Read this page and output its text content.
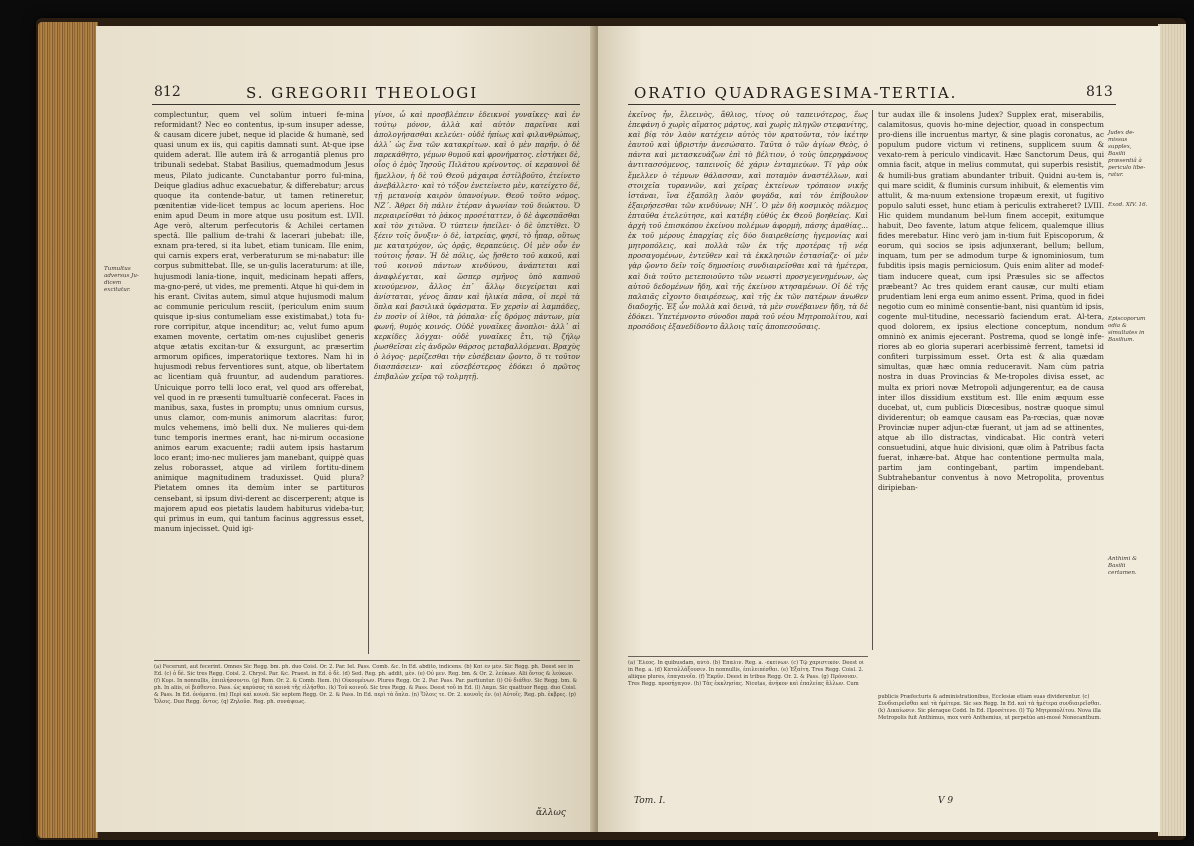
812	S. GREGORII THEOLOGI
complectuntur, quem vel solùm intueri fe-mina reformidant? Nec eo contentus, ip-sum insuper adesse, & causam dicere jubet, neque id placide & humanè, sed quasi unum ex iis, qui capitis damnati sunt. At-que ipse quidem aderat. Ille autem irâ & arrogantiâ plenus pro tribunali sedebat. Stabat Basilius, quemadmodum Jesus meus, Pilato judicante. Cunctabantur porro ful-mina, Deique gladius adhuc exacuebatur, & differebatur; arcus quoque ita contende-batur, ut tamen retineretur, pœnitentiæ vide-licet tempus ac locum aperiens. Hoc enim apud Deum in more atque usu positum est. LVII. Age verò, alterum perfecutoris & Achilei certamen spectâ. Ille pallium de-trahi & lacerari jubebat: ille, exnam pra-tered, si ita lubet, etiam tunicam. Ille enim, qui carnis expers erat, verberaturum se mi-nabatur: ille corpus submittebat. Ille, se un-gulis laceraturum: at ille, hujusmodi lania-tione, inquit, medicinam hepati affers, ma-gno-peré, ut vides, me prementi. Atque hi qui-dem in his erant. Civitas autem, simul atque hujusmodi malum ac communie periculum resciit, (periculum enim suum quisque ip-sius contumeliam esse existimabat,) tota fu-rore corripitur, atque incenditur; ac, velut fumo apum examen movente, certatim om-nes cujuslibet generis atque ætatis excitan-tur & exsurgunt, ac præsertim armorum opifices, imperatoriique textores. Nam hi in hujusmodi rebus ferventiores sunt, atque, ob libertatem ac licentiam quâ fruuntur, ad audendum paratiores. Unicuique porro telli loco erat, vel quod ars offerebat, vel quod in re præsenti tumultuariè confecerat. Faces in manibus, saxa, fustes in promptu; unus omnium cursus, unus clamor, com-munis animorum alacritas: furor, mulcs vehemens, imò belli dux. Ne mulieres qui-dem tunc temporis inermes erant, hac ni-mirum occasione animos earum exacuente; radii autem ipsis hastarum loco erant; imo-nec mulieres jam manebant, quippè quas zelus roborasset, atque ad virilem fortitu-dinem animique magnitudinem traduxisset. Quid plura? Pietatem omnes ita demùm inter se partituros censebant, si ipsum divi-derent ac discerperent; atque is majorem apud eos pietatis laudem habiturus videba-tur, qui primus in eum, qui tantum facinus aggressus esset, manum injecisset. Quid igi-
γίνοι, ὧ καὶ προσβλέπειν ἐδεικνοί γυναῖκες· καὶ ἐν τούτῳ μόνον, ἀλλὰ καὶ αὐτὸν παρεῖναι καὶ ἀπολογήσασθαι κελεύει· οὐδὲ ἠπίως καὶ φιλανθρώπως, ἀλλ᾽ ὡς ἕνα τῶν κατακρίτων. καὶ ὁ μὲν παρῆν. ὁ δὲ παρεκάθητο, γέμων θυμοῦ καὶ φρονήματος. εἱστήκει δὲ, οἷος ὁ ἐμὸς Ἰησοῦς Πιλάτου κρίνοντος. οἱ κεραυνοὶ δὲ ἤμελλον, ἡ δὲ τοῦ Θεοῦ μάχαιρα ἐστίλβοῦτο, ἐτείνετο ἀνεβάλλετο· καὶ τὸ τόξον ἐνετείνετο μὲν, κατείχετο δέ, τῇ μετανοίᾳ καιρὸν ὑπανοίγων. Θεοῦ τοῦτο νόμος. ΝΖ΄. Ἀθρει δὴ πάλιν ἑτέραν ἀγωνίαν τοῦ διώκτου. Ὁ περιαιρεῖσθαι τὸ ῥάκος προσέταττεν, ὁ δὲ ἀφεσπᾶσθαι καὶ τὸν χιτῶνα. Ὁ τύπτειν ἠπείλει· ὁ δὲ ὑπετίθει. Ὁ ξέειν τοῖς ὄνυξιν· ὁ δὲ, ἰατρείας, φησί, τὸ ἧπαρ, οὕτως με κατατρύχον, ὡς ὁρᾷς, θεραπεύεις. Οἱ μὲν οὖν ἐν τούτοις ἦσαν. Ἡ δὲ πόλις, ὡς ᾔσθετο τοῦ κακοῦ, καὶ τοῦ κοινοῦ πάντων κινδύνου, ἀνάπτεται καὶ ἀναφλέγεται, καὶ ὥσπερ σμῆνος ὑπὸ καπνοῦ κινούμενον, ἄλλος ἐπ᾽ ἄλλῳ διεγείρεται καὶ ἀνίσταται, γένος ἅπαν καὶ ἡλικία πᾶσα, οἱ περὶ τὰ ὅπλα καὶ βασιλικὰ ὑφάσματα. Ἐν χερσὶν αἱ λαμπάδες, ἐν ποσὶν οἱ λίθοι, τὰ ῥόπαλα· εἷς δρόμος πάντων, μία φωνή, θυμὸς κοινός. Οὐδὲ γυναῖκες ἄνοπλοι· ἀλλ᾽ αἱ κερκίδες λόγχαι· οὐδὲ γυναῖκες ἔτι, τῷ ζήλῳ ῥωσθεῖσαι εἰς ἀνδρῶν θάρσος μεταβαλλόμεναι. Βραχὺς ὁ λόγος· μερίζεσθαι τὴν εὐσέβειαν ᾤοντο, ὃ τι τοῦτον διασπάσειεν· καὶ εὐσεβέστερος ἐδόκει ὁ πρῶτος ἐπιβαλὼν χεῖρα τῷ τολμητῇ.
Tumultus adversus Ju-dicem excitatur.
(a) Fecerunt, aut fecerint. Omnes Sic Regg. bm. ph. duo Coisl. Or. 2. Par. Iel. Pass. Comb. &c. In Ed. abdito, indicens. (b) Καὶ ἐν μὲν. Sic Regg. ph. Deest sec in Ed. (c) ὁ δὲ. Sic tres Regg. Coisl. 2. Chrysl. Par. &c. Praest. in Ed. ὁ δὲ. (d) Sed. Reg. ph. addit, μὲν. (e) Oὐ μεν. Reg. bm. & Or. 2. λεύκων. Alii ὄντος & λεύκων. (f) Κυρι. In nonnullis, ἐπιπλήσσοντο. (g) Rom. Or. 2. & Comb. Item. (h) Οἰκουμένων. Plures Regg. Or. 2. Par. Pass. Par. partiuntur. (i) Οὐ διάθεν. Sic Regg. bm. & ph. In aliis, οἱ βιάθεντο. Pass. ὡς καρύσας τὰ κοινὰ τῆς εἰλήσθαι. (k) Τοῦ κοινοῦ. Sic tres Regg. & Pass. Deest τοῦ in Ed. (l) Λαμπ. Sic quattuor Regg. duo Coisl. & Pass. In Ed. ὀνόματα. (m) Περὶ καὶ κοινὰ. Sic septem Regg. Or. 2. & Pass. In Ed. περὶ τὰ ὅπλα. (n) Ὅλοις τε. Or. 2. κοινοῖς ἐν. (o) Αὐτοῖς. Reg. ph. ἐκβρες. (p) Ὄλοις. Duo Regg. ὄντος. (q) Ζηλοῦσ. Reg. ph. συνάψεως.
ἄλλως
ORATIO QUADRAGESIMA-TERTIA.	813
ἐκεῖνος ἦν, ἔλεεινὸς, ἄθλιος, τίνος οὐ ταπεινότερος, ἕως ἐπεφάνη ὁ χωρὶς αἵματος μάρτυς, καὶ χωρὶς πληγῶν στεφανίτης, καὶ βίᾳ τὸν λαὸν κατέχειν αὐτὸς τὸν κρατοῦντα, τὸν ἱκέτην ἑαυτοῦ καὶ ὑβριστὴν ἀνεσώσατο. Ταῦτα ὁ τῶν ἁγίων Θεὸς, ὁ πάντα καὶ μετασκευάζων ἐπὶ τὸ βέλτιον, ὁ τοὺς ὑπερηφάνους ἀντιτασσόμενος, ταπεινοῖς δὲ χάριν ἐνταμιεύων. Τί γὰρ οὐκ ἔμελλεν ὁ τέμνων θάλασσαν, καὶ ποταμὸν ἀναστέλλων, καὶ στοιχεῖα τυραννῶν, καὶ χεῖρας ἐκτείνων τρόπαιον νικῆς ἱστάναι, ἵνα ἐξαπόλῃ λαὸν φυγάδα, καὶ τὸν ἐπίβουλον ἐξαιρήσεσθαι τῶν κινδύνων; ΝΗ΄. Ὁ μὲν δὴ κοσμικὸς πόλεμος ἐπταῦθα ἐτελεύτησε, καὶ κατέβη εὐθύς ἐκ Θεοῦ βοηθείας. Καὶ ἀρχὴ τοῦ ἐπισκόπου ἐκείνου πολέμων ἀφορμὴ, πάσης ἀμαθίας... ἐκ τοῦ μέρους ἐπαρχίας εἰς δύο διαιρεθείσης ἡγεμονίας καὶ μητροπόλεις, καὶ πολλὰ τῶν ἐκ τῆς προτέρας τῇ νέᾳ προσαγομένων, ἐντεῦθεν καὶ τὰ ἐκκλησιῶν ἐστασίαζε· οἱ μὲν γὰρ ᾤοντο δεῖν τοῖς δημοσίοις συνδιαιρεῖσθαι καὶ τὰ ἡμέτερα, καὶ διὰ τοῦτο μετεποιοῦντο τῶν νεωστὶ προσγεγενημένων, ὡς αὐτοῦ δεδομένων ἤδη, καὶ τῆς ἐκείνου κτησαμένων. Οἱ δὲ τῆς παλαιᾶς εἴχοντο διαιρέσεως, καὶ τῆς ἐκ τῶν πατέρων ἀνωθεν διαδοχῆς. Ἐξ ὧν πολλὰ καὶ δεινὰ, τὰ μὲν συνέβαινεν ἤδη, τὰ δὲ ἐδόκει. Ὑπετέμνοντο σύνοδοι παρὰ τοῦ νέου Μητροπολίτου, καὶ προσόδοις ἐξανεδίδοντο ἄλλοις ταῖς ἀποπεσοῦσαις.
tur audax ille & insolens Judex? Supplex erat, miserabilis, calamitosus, quovis ho-mine dejectior, quoad in conspectum pro-diens ille incruentus martyr, & sine plagis coronatus, ac populum pudore victum vi retinens, supplicem suum & vexato-rem à periculo vindicavit. Hæc Sanctorum Deus, qui omnia facit, atque in melius commutat, qui superbis resistit, & humili-bus gratiam abundanter tribuit. Quidni au-tem is, qui mare scidit, & fluminis cursum inhibuit, & elementis vim attulit, & ma-nuum extensione tropæum erexit, ut fugitivo populo saluti esset, hunc etiam à periculis extraheret? LVIII. Hic quidem mundanum bel-lum finem accepit, exitumque habuit, Deo favente, latum atque felicem, qualemque illius fides merebatur. Hinc verò jam in-tium fuit Episcoporum, & eorum, qui socios se ipsis adjunxerant, bellum; bellum, inquam, tum per se admodum turpe & ignominiosum, tum fubditis ipsis magis perniciosum. Quis enim aliter ad modef-tiam inducere queat, cum ipsi Præsules sic se affectos præbeant? Ac tres quidem erant causæ, cur multi etiam prudentiam leni erga eum animo essent. Prima, quod in fidei negotio cum eo minimè consentie-bant, nisi quantùm id ipsis, cogente mul-titudine, necessariò faciendum erat. Al-tera, quod dolorem, ex ipsius electione conceptum, nondum omninò ex animis ejecerant. Postrema, quod se longè infe-riores ab eo gloria superari acerbissimè ferrent, tametsi id confiteri turpissimum esset. Orta est & alia quædam simultas, quæ hæc omnia reduceravit. Nam cùm patria nostra in duas Provincias & Me-tropoles divisa esset, ac multa ex priori novæ Metropoli adjungerentur, ea de causa inter illos dissidium exstitum est. Ille enim æquum esse ducebat, ut, cum publicis Diœcesibus, nostræ quoque simul dividerentur; ob eamque causam eas Pa-rœcias, quæ novæ Provinciæ nuper adjun-ctæ fuerant, ut jam ad se attinentes, atque ab illo distractas, vindicabat. Hic contrà veteri consuetudini, atque huic divisioni, quæ olim à Patribus facta fuerat, inhære-bat. Atque hac contentione permulta mala, partim jam contingebant, partim impendebant. Subtrahebantur conventus à novo Metropolita, proventus diripieban-
Judex de-missus supplex, Basilii præsentiâ à periculo libe-ratur.
Exod. XIV. 16.
Episcoporum odia & simultates in Basilium.
Anthimi & Basilii certamen.
(a) Ἕλεος. In quibusdam, αὐτὸ. (b) Ἐπαλιν. Reg. a. -ἐκείνων. (c) Τῷ χαριστικὸν. Deest οἱ in Reg. a. (d) Καταλλάξουσιν. In nonnullis, ἐπιλειπέσθαι. (e) Ἐξαίτη. Tres Regg. Coisl. 2. aliique plures, ἐπαγανοῖα. (f) Ἐκρῦν. Deest in tribus Regg. Or. 2. & Pass. (g) Πρόνοιαν. Tres Regg. προσήγαγον. (h) Τὰς ἐκκλησίας. Nicetas, ἀνήκον καὶ ἐπαλείας ἄλλων. Cum
publicis Præfecturis & administrationibus, Ecclesiæ etiam suas dividerentur. (c) Συνδιαιρεῖσθαι καὶ τὰ ἡμέτερα. Sic sex Regg. In Ed. καὶ τὰ ἡμέτερα συνδιαιρεῖσθαι. (k) Δικαίωσιν. Sic pleraque Codd. In Ed. Προσέτενο. (l) Τῷ Μητροπολίτου. Nova illa Metropolis fuit Anthimus, mox verò Anthemius, ut perpetùo ani-mosé Nonecanthum.
Tom. I.	V 9
